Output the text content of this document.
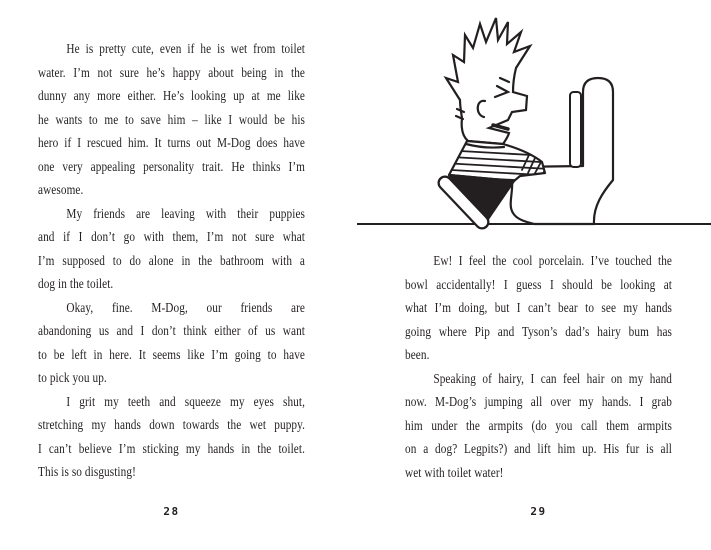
He is pretty cute, even if he is wet from toilet
water. I’m not sure he’s happy about being in the
dunny any more either. He’s looking up at me like
he wants to me to save him – like I would be his
hero if I rescued him. It turns out M-Dog does have
one very appealing personality trait. He thinks I’m
awesome.
My friends are leaving with their puppies
and if I don’t go with them, I’m not sure what
I’m supposed to do alone in the bathroom with a
dog in the toilet.
Okay, fine. M-Dog, our friends are
abandoning us and I don’t think either of us want
to be left in here. It seems like I’m going to have
to pick you up.
I grit my teeth and squeeze my eyes shut,
stretching my hands down towards the wet puppy.
I can’t believe I’m sticking my hands in the toilet.
This is so disgusting!
Ew! I feel the cool porcelain. I’ve touched the
bowl accidentally! I guess I should be looking at
what I’m doing, but I can’t bear to see my hands
going where Pip and Tyson’s dad’s hairy bum has
been.
Speaking of hairy, I can feel hair on my hand
now. M-Dog’s jumping all over my hands. I grab
him under the armpits (do you call them armpits
on a dog? Legpits?) and lift him up. His fur is all
wet with toilet water!
28	29
